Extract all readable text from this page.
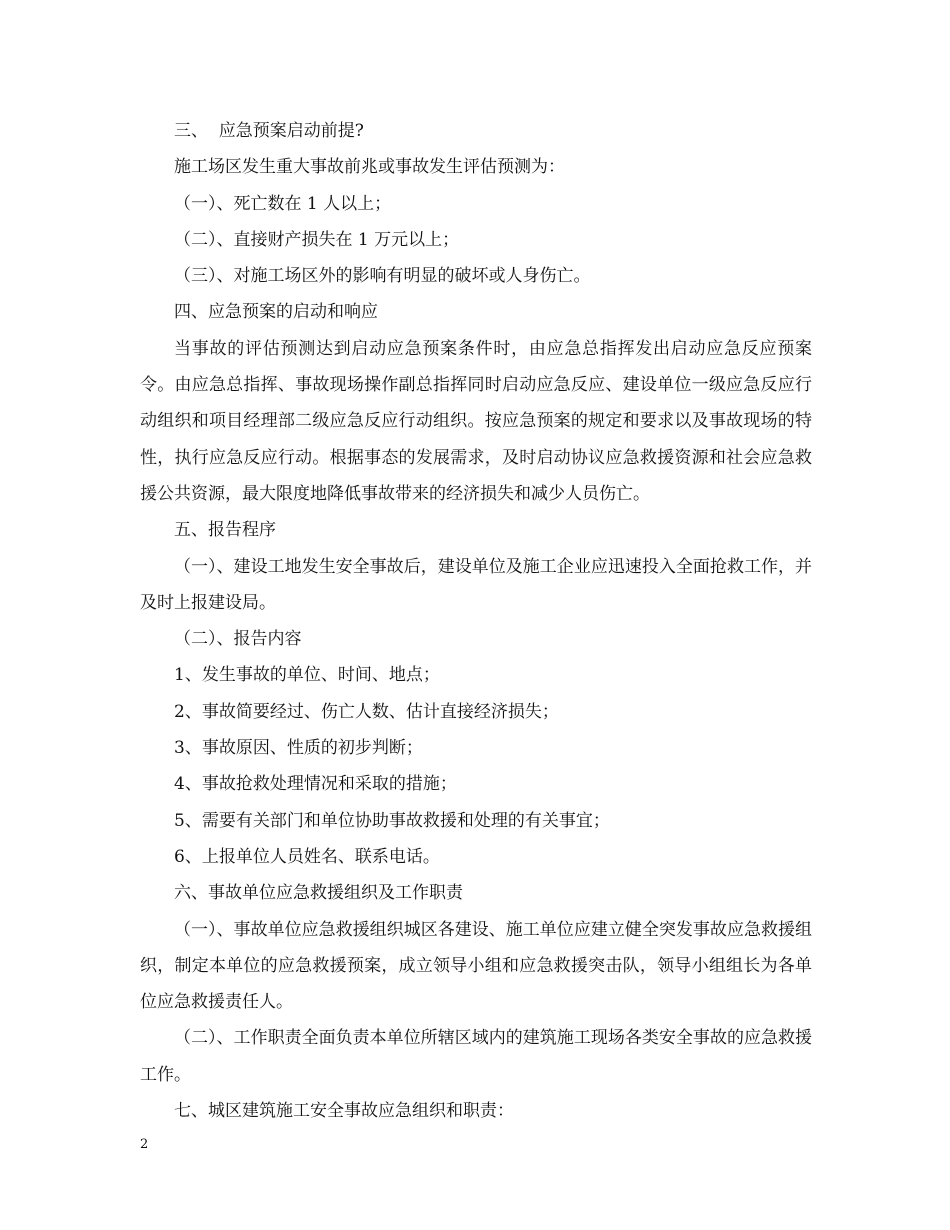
三、  应急预案启动前提?

施工场区发生重大事故前兆或事故发生评估预测为：

（一）、死亡数在 1 人以上；

（二）、直接财产损失在 1 万元以上；

（三）、对施工场区外的影响有明显的破坏或人身伤亡。

四、应急预案的启动和响应

当事故的评估预测达到启动应急预案条件时，由应急总指挥发出启动应急反应预案令。由应急总指挥、事故现场操作副总指挥同时启动应急反应、建设单位一级应急反应行动组织和项目经理部二级应急反应行动组织。按应急预案的规定和要求以及事故现场的特性，执行应急反应行动。根据事态的发展需求，及时启动协议应急救援资源和社会应急救援公共资源，最大限度地降低事故带来的经济损失和减少人员伤亡。

五、报告程序

（一）、建设工地发生安全事故后，建设单位及施工企业应迅速投入全面抢救工作，并及时上报建设局。

（二）、报告内容

1、发生事故的单位、时间、地点；

2、事故简要经过、伤亡人数、估计直接经济损失；

3、事故原因、性质的初步判断；

4、事故抢救处理情况和采取的措施；

5、需要有关部门和单位协助事故救援和处理的有关事宜；

6、上报单位人员姓名、联系电话。

六、事故单位应急救援组织及工作职责

（一）、事故单位应急救援组织城区各建设、施工单位应建立健全突发事故应急救援组织，制定本单位的应急救援预案，成立领导小组和应急救援突击队，领导小组组长为各单位应急救援责任人。

（二）、工作职责全面负责本单位所辖区域内的建筑施工现场各类安全事故的应急救援工作。

七、城区建筑施工安全事故应急组织和职责：

2
